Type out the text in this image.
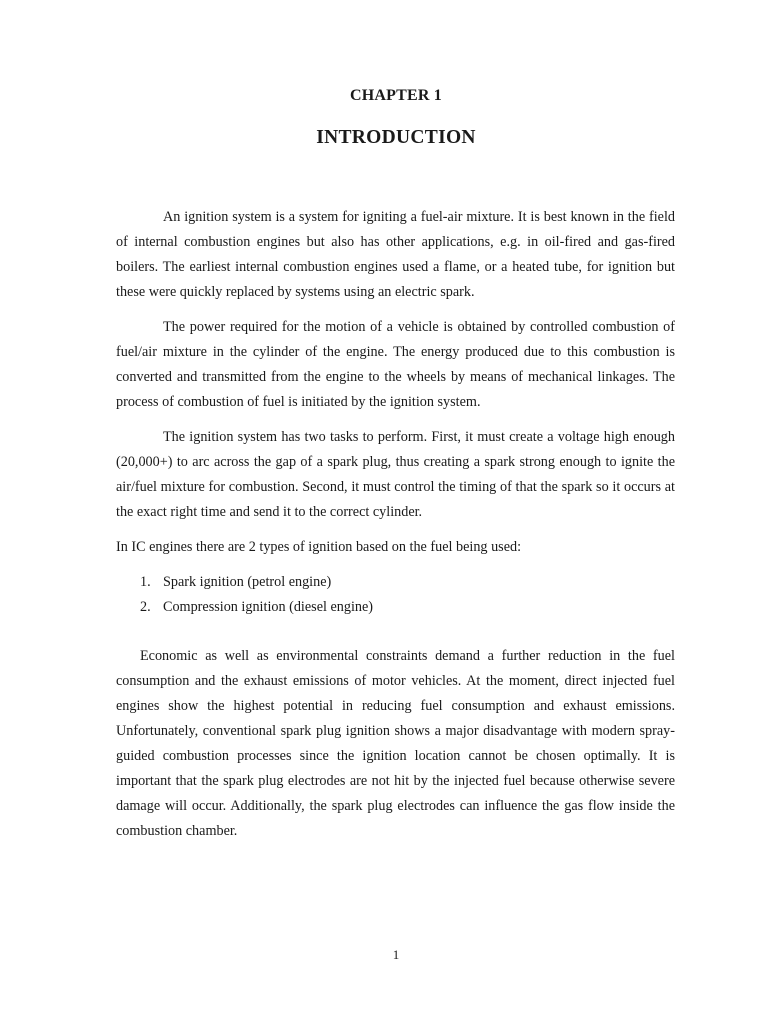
CHAPTER 1
INTRODUCTION

An ignition system is a system for igniting a fuel-air mixture. It is best known in the field of internal combustion engines but also has other applications, e.g. in oil-fired and gas-fired boilers. The earliest internal combustion engines used a flame, or a heated tube, for ignition but these were quickly replaced by systems using an electric spark.

The power required for the motion of a vehicle is obtained by controlled combustion of fuel/air mixture in the cylinder of the engine. The energy produced due to this combustion is converted and transmitted from the engine to the wheels by means of mechanical linkages. The process of combustion of fuel is initiated by the ignition system.

The ignition system has two tasks to perform. First, it must create a voltage high enough (20,000+) to arc across the gap of a spark plug, thus creating a spark strong enough to ignite the air/fuel mixture for combustion. Second, it must control the timing of that the spark so it occurs at the exact right time and send it to the correct cylinder.

In IC engines there are 2 types of ignition based on the fuel being used:

1. Spark ignition (petrol engine)
2. Compression ignition (diesel engine)

Economic as well as environmental constraints demand a further reduction in the fuel consumption and the exhaust emissions of motor vehicles. At the moment, direct injected fuel engines show the highest potential in reducing fuel consumption and exhaust emissions. Unfortunately, conventional spark plug ignition shows a major disadvantage with modern spray-guided combustion processes since the ignition location cannot be chosen optimally. It is important that the spark plug electrodes are not hit by the injected fuel because otherwise severe damage will occur. Additionally, the spark plug electrodes can influence the gas flow inside the combustion chamber.

1
